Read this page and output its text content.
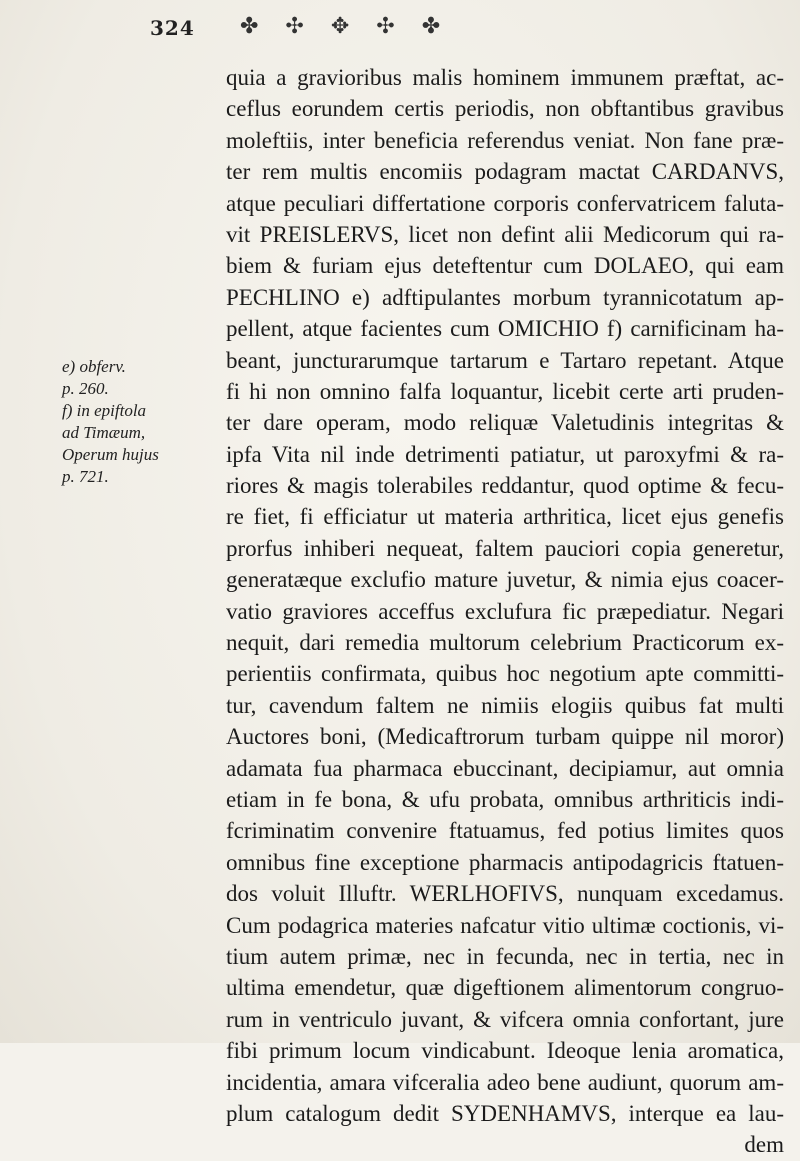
324 ✤ ✣ ✥ ✣ ✤
e) obferv.
p. 260.
f) in epiftola
ad Timæum,
Operum hujus
p. 721.
quia a gravioribus malis hominem immunem præftat, ac-
ceflus eorundem certis periodis, non obftantibus gravibus
moleftiis, inter beneficia referendus veniat. Non fane præ-
ter rem multis encomiis podagram mactat CARDANVS,
atque peculiari differtatione corporis confervatricem faluta-
vit PREISLERVS, licet non defint alii Medicorum qui ra-
biem & furiam ejus deteftentur cum DOLAEO, qui eam
PECHLINO e) adftipulantes morbum tyrannicotatum ap-
pellent, atque facientes cum OMICHIO f) carnificinam ha-
beant, juncturarumque tartarum e Tartaro repetant. Atque
fi hi non omnino falfa loquantur, licebit certe arti pruden-
ter dare operam, modo reliquæ Valetudinis integritas &
ipfa Vita nil inde detrimenti patiatur, ut paroxyfmi & ra-
riores & magis tolerabiles reddantur, quod optime & fecu-
re fiet, fi efficiatur ut materia arthritica, licet ejus genefis
prorfus inhiberi nequeat, faltem pauciori copia generetur,
generatæque exclufio mature juvetur, & nimia ejus coacer-
vatio graviores acceffus exclufura fic præpediatur. Negari
nequit, dari remedia multorum celebrium Practicorum ex-
perientiis confirmata, quibus hoc negotium apte committi-
tur, cavendum faltem ne nimiis elogiis quibus fat multi
Auctores boni, (Medicaftrorum turbam quippe nil moror)
adamata fua pharmaca ebuccinant, decipiamur, aut omnia
etiam in fe bona, & ufu probata, omnibus arthriticis indi-
fcriminatim convenire ftatuamus, fed potius limites quos
omnibus fine exceptione pharmacis antipodagricis ftatuen-
dos voluit Illuftr. WERLHOFIVS, nunquam excedamus.
Cum podagrica materies nafcatur vitio ultimæ coctionis, vi-
tium autem primæ, nec in fecunda, nec in tertia, nec in
ultima emendetur, quæ digeftionem alimentorum congruo-
rum in ventriculo juvant, & vifcera omnia confortant, jure
fibi primum locum vindicabunt. Ideoque lenia aromatica,
incidentia, amara vifceralia adeo bene audiunt, quorum am-
plum catalogum dedit SYDENHAMVS, interque ea lau-
dem
